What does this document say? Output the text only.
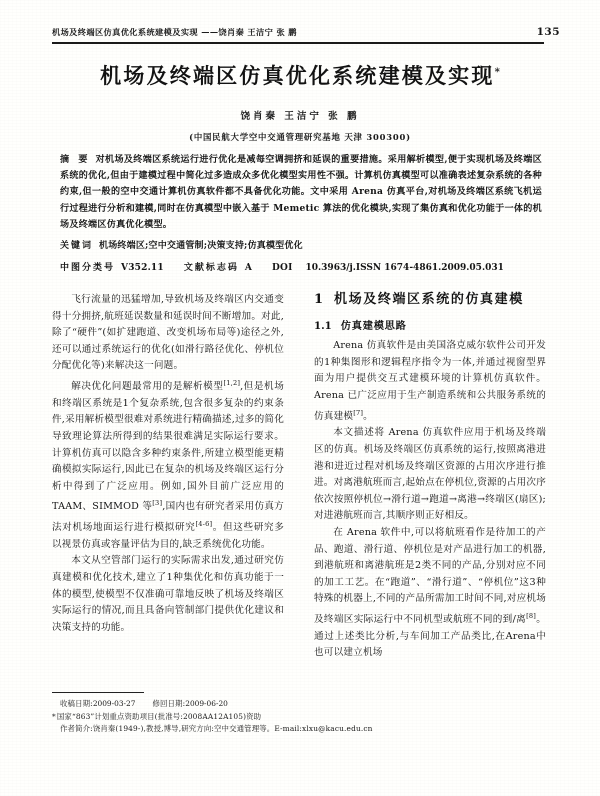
机场及终端区仿真优化系统建模及实现 ——饶肖秦 王洁宁 张 鹏	135
机场及终端区仿真优化系统建模及实现*
饶肖秦 王洁宁 张 鹏
(中国民航大学空中交通管理研究基地 天津 300300)
摘 要 对机场及终端区系统运行进行优化是减每空调拥挤和延误的重要措施。采用解析模型,便于实现机场及终端区系统的优化,但由于建模过程中简化过多造成众多优化模型实用性不强。计算机仿真模型可以准确表述复杂系统的各种约束,但一般的空中交通计算机仿真软件都不具备优化功能。文中采用 Arena 仿真平台,对机场及终端区系统飞机运行过程进行分析和建模,同时在仿真模型中嵌入基于 Memetic 算法的优化模块,实现了集仿真和优化功能于一体的机场及终端区仿真优化模型。
关键词 机场终端区;空中交通管制;决策支持;仿真模型优化
中图分类号 V352.11 文献标志码 A DOI 10.3963/j.ISSN 1674-4861.2009.05.031

飞行流量的迅猛增加,导致机场及终端区内交通变得十分拥挤,航班延误数量和延误时间不断增加。对此,除了“硬件”(如扩建跑道、改变机场布局等)途径之外,还可以通过系统运行的优化(如滑行路径优化、停机位分配优化等)来解决这一问题。

解决优化问题最常用的是解析模型[1,2],但是机场和终端区系统是1个复杂系统,包含很多复杂的约束条件,采用解析模型很难对系统进行精确描述,过多的简化导致理论算法所得到的结果很难满足实际运行要求。计算机仿真可以隐含多种约束条件,所建立模型能更精确模拟实际运行,因此已在复杂的机场及终端区运行分析中得到了广泛应用。例如,国外目前广泛应用的 TAAM、SIMMOD 等[3],国内也有研究者采用仿真方法对机场地面运行进行模拟研究[4-6]。但这些研究多以视景仿真或容量评估为目的,缺乏系统优化功能。

本文从空管部门运行的实际需求出发,通过研究仿真建模和优化技术,建立了1种集优化和仿真功能于一体的模型,使模型不仅准确可靠地反映了机场及终端区实际运行的情况,而且具备向管制部门提供优化建议和决策支持的功能。

1 机场及终端区系统的仿真建模
1.1 仿真建模思路

Arena 仿真软件是由美国洛克威尔软件公司开发的1种集图形和逻辑程序指令为一体,并通过视窗型界面为用户提供交互式建模环境的计算机仿真软件。Arena 已广泛应用于生产制造系统和公共服务系统的仿真建模[7]。

本文描述将 Arena 仿真软件应用于机场及终端区的仿真。机场及终端区仿真系统的运行,按照离港进港和进近过程对机场及终端区资源的占用次序进行推进。对离港航班而言,起始点在停机位,资源的占用次序依次按照停机位→滑行道→跑道→离港→终端区(扇区);对进港航班而言,其顺序则正好相反。

在 Arena 软件中,可以将航班看作是待加工的产品、跑道、滑行道、停机位是对产品进行加工的机器,到港航班和离港航班是2类不同的产品,分别对应不同的加工工艺。在“跑道”、“滑行道”、“停机位”这3种特殊的机器上,不同的产品所需加工时间不同,对应机场及终端区实际运行中不同机型或航班不同的到/离[8]。通过上述类比分析,与车间加工产品类比,在Arena中也可以建立机场

收稿日期:2009-03-27 修回日期:2009-06-20
*国家“863”计划重点资助项目(批准号:2008AA12A105)资助
作者简介:饶肖秦(1949-),教授,博导,研究方向:空中交通管理等。E-mail:xlxu@kacu.edu.cn
